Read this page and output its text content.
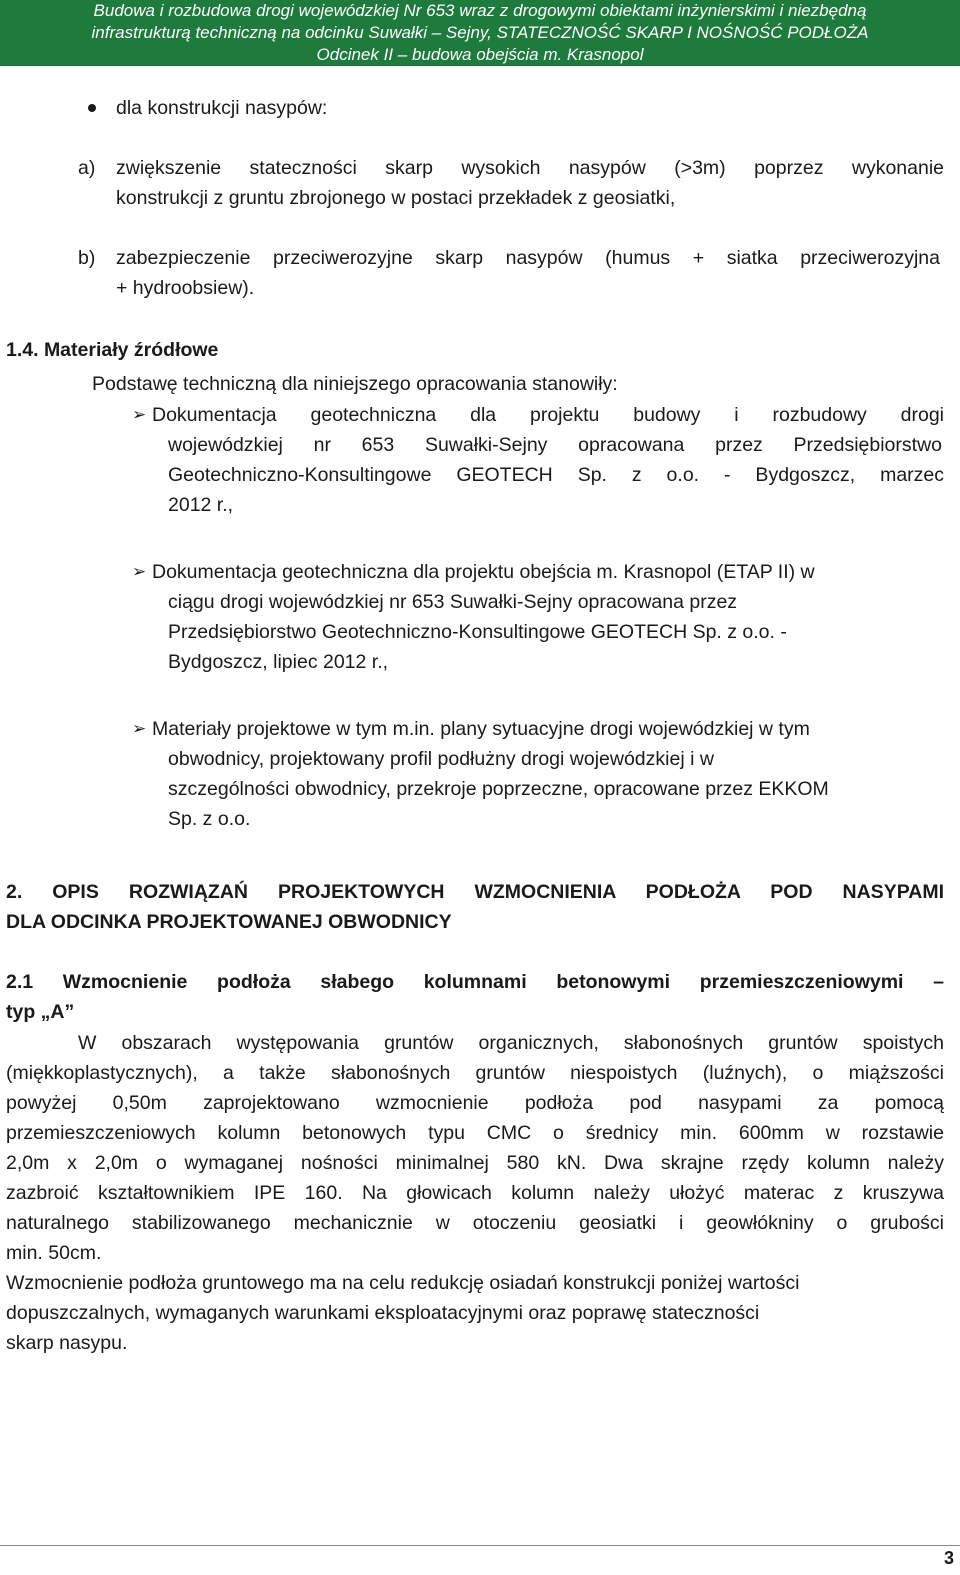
Budowa i rozbudowa drogi wojewódzkiej Nr 653 wraz z drogowymi obiektami inżynierskimi i niezbędną
infrastrukturą techniczną na odcinku Suwałki – Sejny, STATECZNOŚĆ SKARP I NOŚNOŚĆ PODŁOŻA
Odcinek II – budowa obejścia m. Krasnopol
dla konstrukcji nasypów:
a) zwiększenie stateczności skarp wysokich nasypów (>3m) poprzez wykonanie
konstrukcji z gruntu zbrojonego w postaci przekładek z geosiatki,
b) zabezpieczenie przeciwerozyjne skarp nasypów (humus + siatka przeciwerozyjna
+ hydroobsiew).
1.4. Materiały źródłowe
Podstawę techniczną dla niniejszego opracowania stanowiły:
➢ Dokumentacja geotechniczna dla projektu budowy i rozbudowy drogi
wojewódzkiej nr 653 Suwałki-Sejny opracowana przez Przedsiębiorstwo
Geotechniczno-Konsultingowe GEOTECH Sp. z o.o. - Bydgoszcz, marzec
2012 r.,
➢ Dokumentacja geotechniczna dla projektu obejścia m. Krasnopol (ETAP II) w
ciągu drogi wojewódzkiej nr 653 Suwałki-Sejny opracowana przez
Przedsiębiorstwo Geotechniczno-Konsultingowe GEOTECH Sp. z o.o. -
Bydgoszcz, lipiec 2012 r.,
➢ Materiały projektowe w tym m.in. plany sytuacyjne drogi wojewódzkiej w tym
obwodnicy, projektowany profil podłużny drogi wojewódzkiej i w
szczególności obwodnicy, przekroje poprzeczne, opracowane przez EKKOM
Sp. z o.o.
2. OPIS ROZWIĄZAŃ PROJEKTOWYCH WZMOCNIENIA PODŁOŻA POD NASYPAMI
DLA ODCINKA PROJEKTOWANEJ OBWODNICY
2.1 Wzmocnienie podłoża słabego kolumnami betonowymi przemieszczeniowymi –
typ „A”
W obszarach występowania gruntów organicznych, słabonośnych gruntów spoistych
(miękkoplastycznych), a także słabonośnych gruntów niespoistych (luźnych), o miąższości
powyżej 0,50m zaprojektowano wzmocnienie podłoża pod nasypami za pomocą
przemieszczeniowych kolumn betonowych typu CMC o średnicy min. 600mm w rozstawie
2,0m x 2,0m o wymaganej nośności minimalnej 580 kN. Dwa skrajne rzędy kolumn należy
zazbroić kształtownikiem IPE 160. Na głowicach kolumn należy ułożyć materac z kruszywa
naturalnego stabilizowanego mechanicznie w otoczeniu geosiatki i geowłókniny o grubości
min. 50cm.
Wzmocnienie podłoża gruntowego ma na celu redukcję osiadań konstrukcji poniżej wartości
dopuszczalnych, wymaganych warunkami eksploatacyjnymi oraz poprawę stateczności
skarp nasypu.
3
